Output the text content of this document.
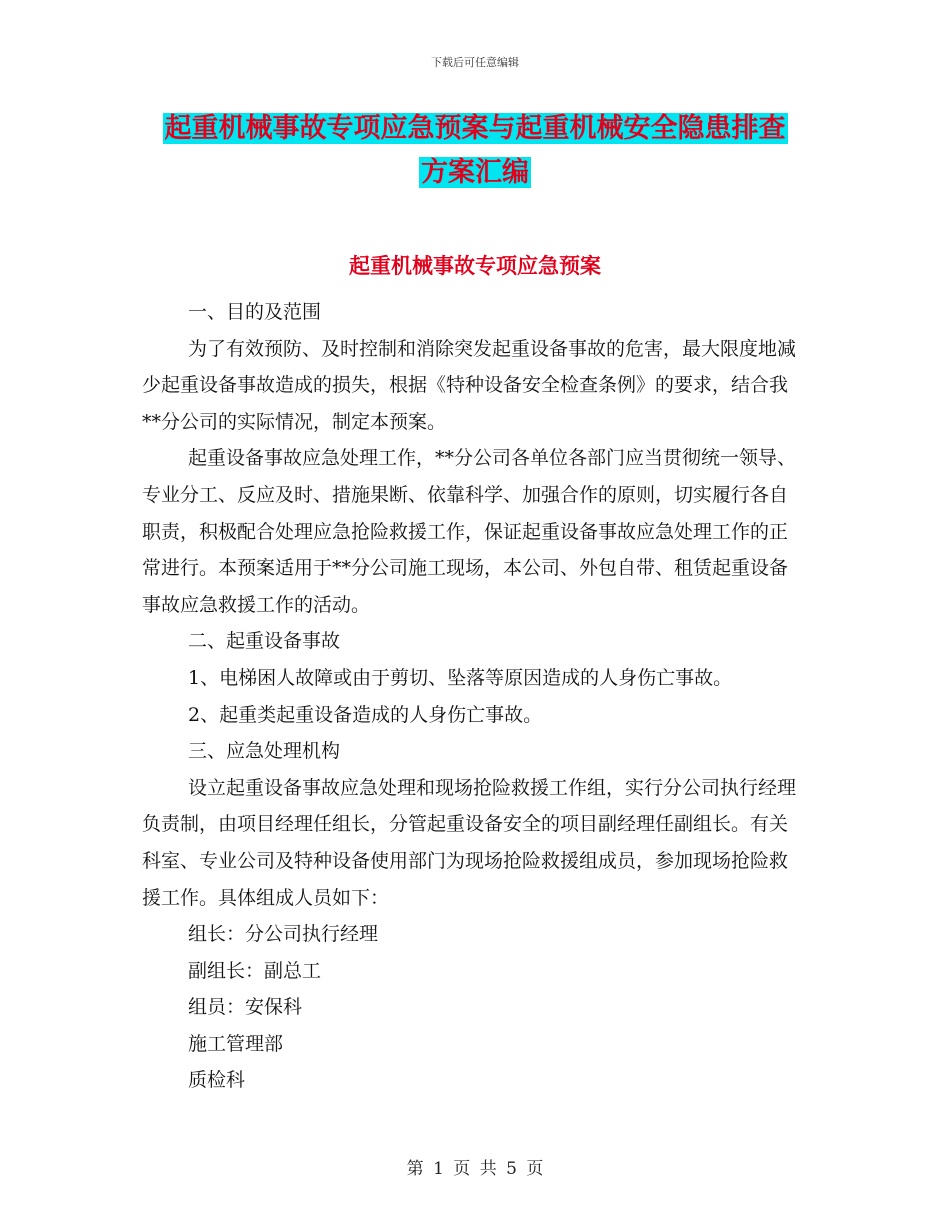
下载后可任意编辑
起重机械事故专项应急预案与起重机械安全隐患排查
方案汇编
起重机械事故专项应急预案

一、目的及范围

为了有效预防、及时控制和消除突发起重设备事故的危害，最大限度地减少起重设备事故造成的损失，根据《特种设备安全检查条例》的要求，结合我**分公司的实际情况，制定本预案。

起重设备事故应急处理工作，**分公司各单位各部门应当贯彻统一领导、专业分工、反应及时、措施果断、依靠科学、加强合作的原则，切实履行各自职责，积极配合处理应急抢险救援工作，保证起重设备事故应急处理工作的正常进行。本预案适用于**分公司施工现场，本公司、外包自带、租赁起重设备事故应急救援工作的活动。

二、起重设备事故

1、电梯困人故障或由于剪切、坠落等原因造成的人身伤亡事故。

2、起重类起重设备造成的人身伤亡事故。

三、应急处理机构

设立起重设备事故应急处理和现场抢险救援工作组，实行分公司执行经理负责制，由项目经理任组长，分管起重设备安全的项目副经理任副组长。有关科室、专业公司及特种设备使用部门为现场抢险救援组成员，参加现场抢险救援工作。具体组成人员如下：

组长：分公司执行经理

副组长：副总工

组员：安保科

施工管理部

质检科

第 1 页 共 5 页
